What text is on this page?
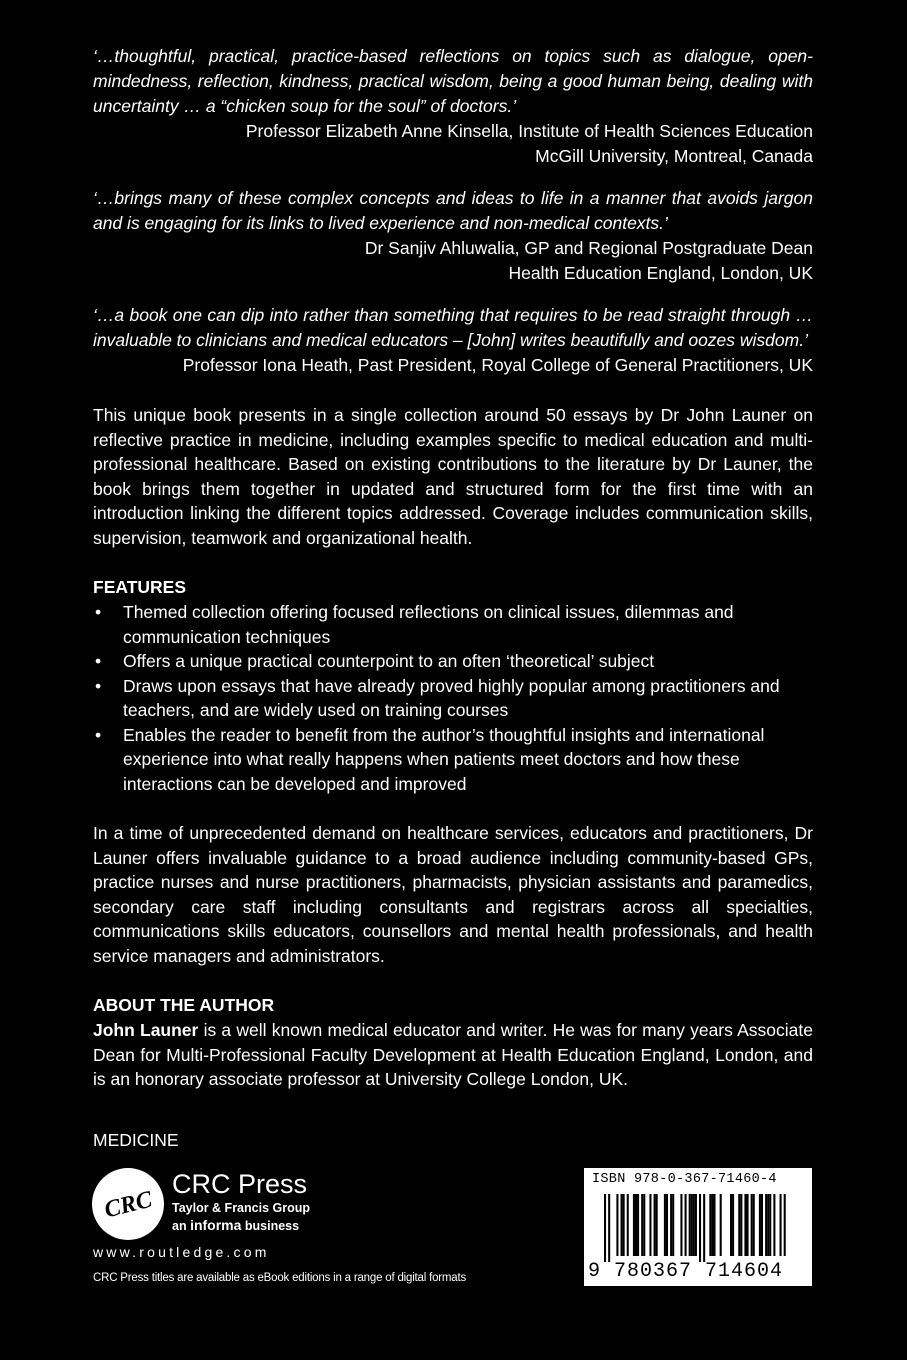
‘…thoughtful, practical, practice-based reflections on topics such as dialogue, open-mindedness, reflection, kindness, practical wisdom, being a good human being, dealing with uncertainty … a “chicken soup for the soul” of doctors.’

Professor Elizabeth Anne Kinsella, Institute of Health Sciences Education

McGill University, Montreal, Canada

‘…brings many of these complex concepts and ideas to life in a manner that avoids jargon and is engaging for its links to lived experience and non-medical contexts.’

Dr Sanjiv Ahluwalia, GP and Regional Postgraduate Dean

Health Education England, London, UK

‘…a book one can dip into rather than something that requires to be read straight through … invaluable to clinicians and medical educators – [John] writes beautifully and oozes wisdom.’

Professor Iona Heath, Past President, Royal College of General Practitioners, UK

This unique book presents in a single collection around 50 essays by Dr John Launer on reflective practice in medicine, including examples specific to medical education and multi-professional healthcare. Based on existing contributions to the literature by Dr Launer, the book brings them together in updated and structured form for the first time with an introduction linking the different topics addressed. Coverage includes communication skills, supervision, teamwork and organizational health.

FEATURES

• Themed collection offering focused reflections on clinical issues, dilemmas and communication techniques
• Offers a unique practical counterpoint to an often ‘theoretical’ subject
• Draws upon essays that have already proved highly popular among practitioners and teachers, and are widely used on training courses
• Enables the reader to benefit from the author’s thoughtful insights and international experience into what really happens when patients meet doctors and how these interactions can be developed and improved

In a time of unprecedented demand on healthcare services, educators and practitioners, Dr Launer offers invaluable guidance to a broad audience including community-based GPs, practice nurses and nurse practitioners, pharmacists, physician assistants and paramedics, secondary care staff including consultants and registrars across all specialties, communications skills educators, counsellors and mental health professionals, and health service managers and administrators.

ABOUT THE AUTHOR

John Launer is a well known medical educator and writer. He was for many years Associate Dean for Multi-Professional Faculty Development at Health Education England, London, and is an honorary associate professor at University College London, UK.

MEDICINE
CRC
CRC Press
Taylor & Francis Group
an informa business
www.routledge.com
CRC Press titles are available as eBook editions in a range of digital formats
ISBN 978-0-367-71460-4
9 780367 714604
